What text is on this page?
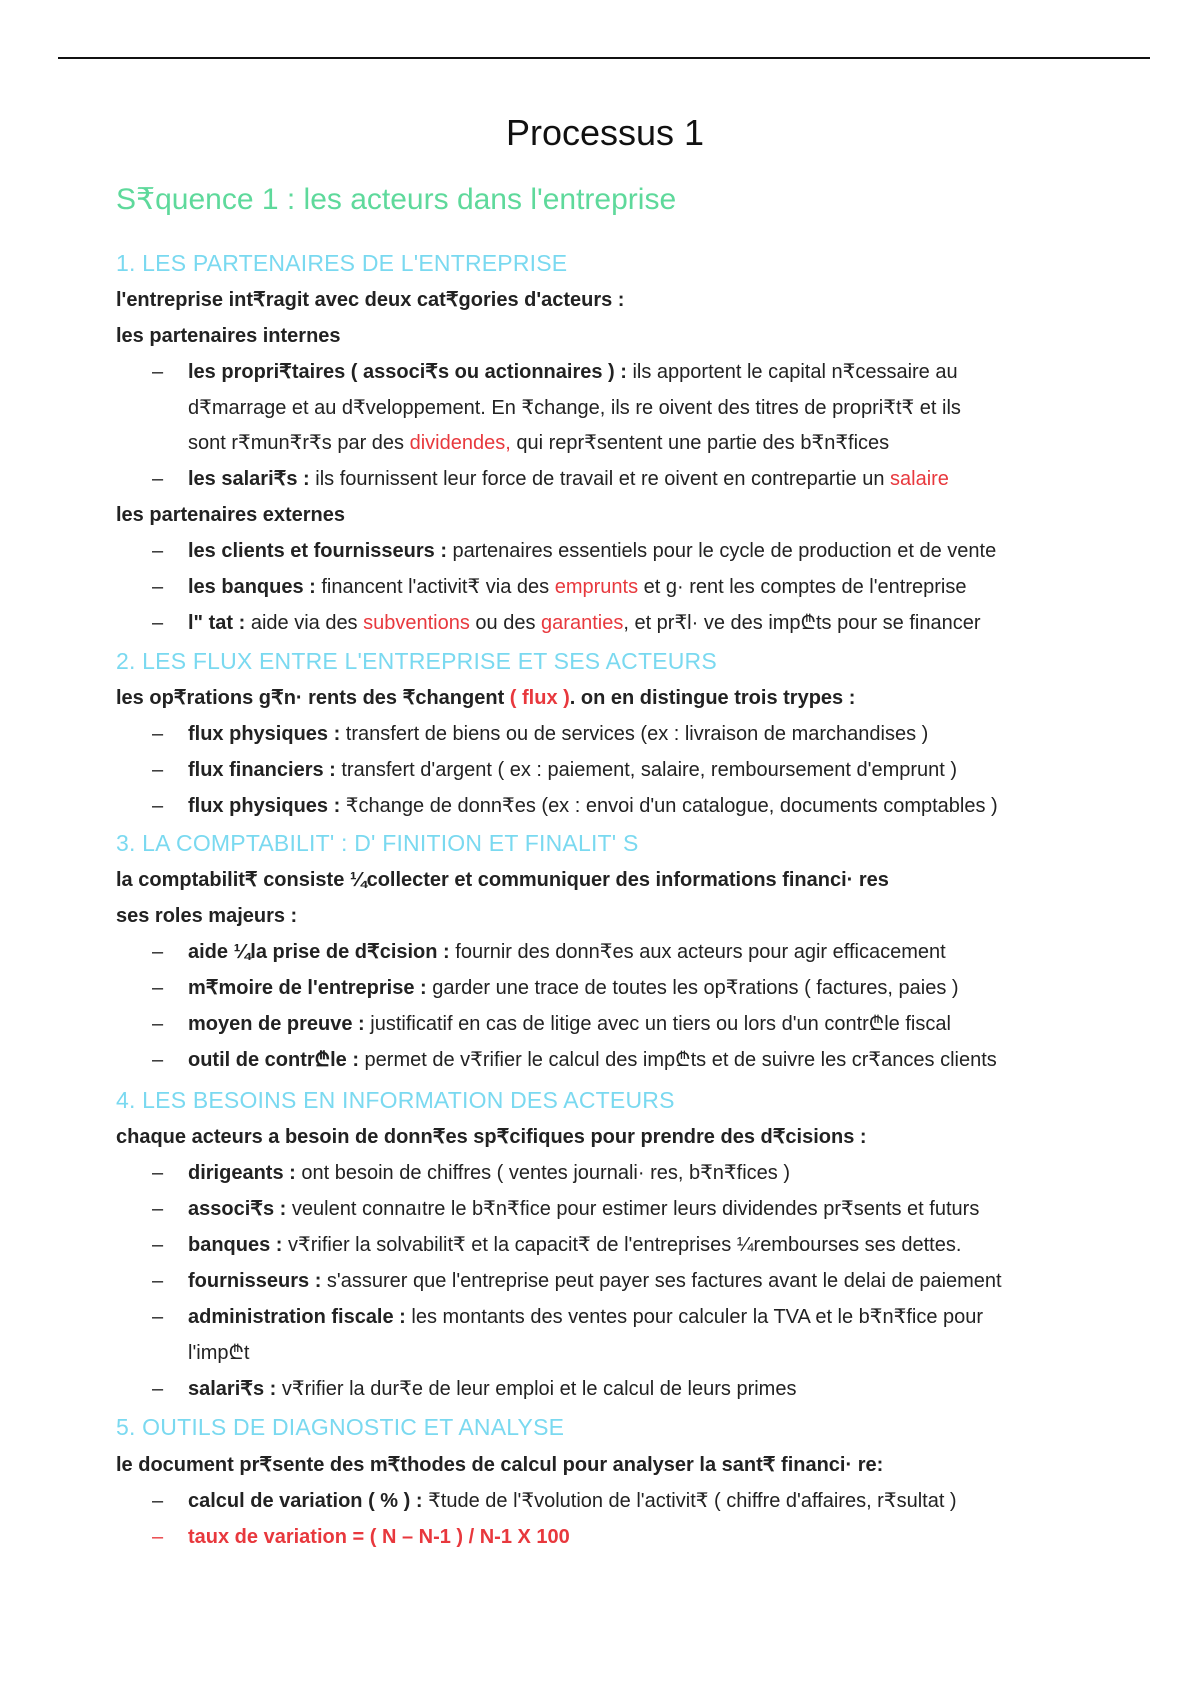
Processus 1
S₹quence 1 : les acteurs dans l'entreprise
1. LES PARTENAIRES DE L'ENTREPRISE
l'entreprise int₹ragit avec deux cat₹gories d'acteurs :
les partenaires internes
– les propri₹taires ( associ₹s ou actionnaires ) : ils apportent le capital n₹cessaire au
d₹marrage et au d₹veloppement. En ₹change, ils re oivent des titres de propri₹t₹ et ils
sont r₹mun₹r₹s par des dividendes, qui repr₹sentent une partie des b₹n₹fices
– les salari₹s : ils fournissent leur force de travail et re oivent en contrepartie un salaire
les partenaires externes
– les clients et fournisseurs : partenaires essentiels pour le cycle de production et de vente
– les banques : financent l'activit₹ via des emprunts et g· rent les comptes de l'entreprise
– l" tat : aide via des subventions ou des garanties, et pr₹l· ve des imp₾ts pour se financer
2. LES FLUX ENTRE L'ENTREPRISE ET SES ACTEURS
les op₹rations g₹n· rents des ₹changent ( flux ). on en distingue trois trypes :
– flux physiques : transfert de biens ou de services (ex : livraison de marchandises )
– flux financiers : transfert d'argent ( ex : paiement, salaire, remboursement d'emprunt )
– flux physiques : ₹change de donn₹es (ex : envoi d'un catalogue, documents comptables )
3. LA COMPTABILIT' : D' FINITION ET FINALIT' S
la comptabilit₹ consiste ¼collecter et communiquer des informations financi· res
ses roles majeurs :
– aide ¼la prise de d₹cision : fournir des donn₹es aux acteurs pour agir efficacement
– m₹moire de l'entreprise : garder une trace de toutes les op₹rations ( factures, paies )
– moyen de preuve : justificatif en cas de litige avec un tiers ou lors d'un contr₾le fiscal
– outil de contr₾le : permet de v₹rifier le calcul des imp₾ts et de suivre les cr₹ances clients
4. LES BESOINS EN INFORMATION DES ACTEURS
chaque acteurs a besoin de donn₹es sp₹cifiques pour prendre des d₹cisions :
– dirigeants : ont besoin de chiffres ( ventes journali· res, b₹n₹fices )
– associ₹s : veulent connaıtre le b₹n₹fice pour estimer leurs dividendes pr₹sents et futurs
– banques : v₹rifier la solvabilit₹ et la capacit₹ de l'entreprises ¼rembourses ses dettes.
– fournisseurs : s'assurer que l'entreprise peut payer ses factures avant le delai de paiement
– administration fiscale : les montants des ventes pour calculer la TVA et le b₹n₹fice pour
l'imp₾t
– salari₹s : v₹rifier la dur₹e de leur emploi et le calcul de leurs primes
5. OUTILS DE DIAGNOSTIC ET ANALYSE
le document pr₹sente des m₹thodes de calcul pour analyser la sant₹ financi· re:
– calcul de variation ( % ) : ₹tude de l'₹volution de l'activit₹ ( chiffre d'affaires, r₹sultat )
– taux de variation = ( N – N-1 ) / N-1 X 100
